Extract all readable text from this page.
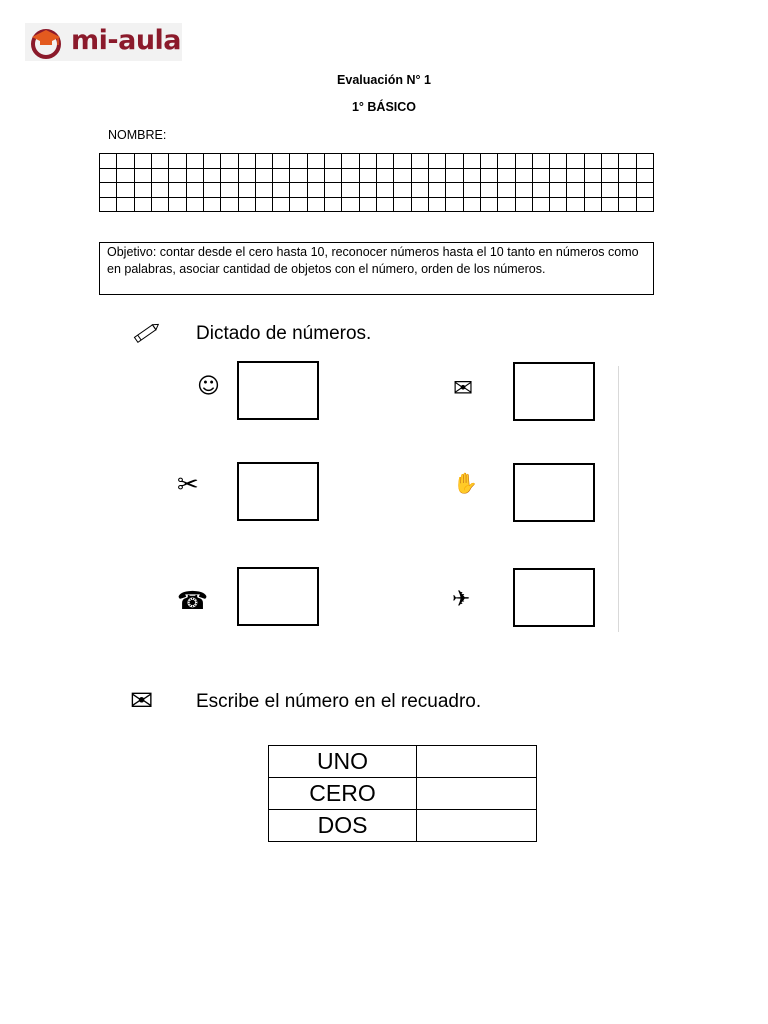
mi-aula
Evaluación N° 1
1° BÁSICO
NOMBRE:
Objetivo: contar desde el cero hasta 10, reconocer números hasta el 10 tanto en números como en palabras, asociar cantidad de objetos con el número, orden de los números.
Dictado de números.
☺	✉
✂	✋
☎	✈
✉ Escribe el número en el recuadro.
UNO	
CERO	
DOS	
